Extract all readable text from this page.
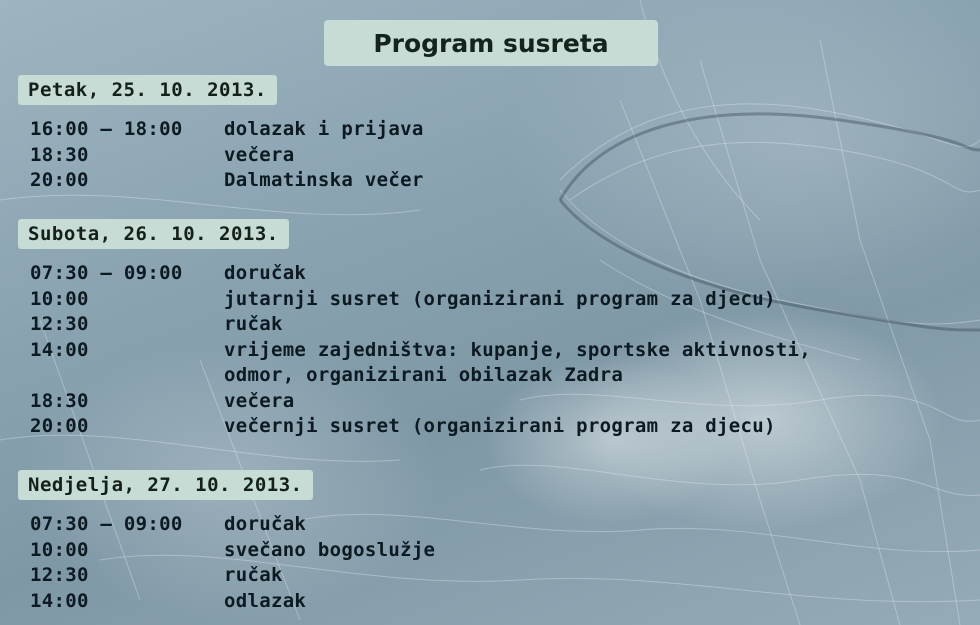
Program susreta
Petak, 25. 10. 2013.
16:00 – 18:00	dolazak i prijava
18:30	večera
20:00	Dalmatinska večer
Subota, 26. 10. 2013.
07:30 – 09:00	doručak
10:00	jutarnji susret (organizirani program za djecu)
12:30	ručak
14:00	vrijeme zajedništva: kupanje, sportske aktivnosti,
odmor, organizirani obilazak Zadra
18:30	večera
20:00	večernji susret (organizirani program za djecu)
Nedjelja, 27. 10. 2013.
07:30 – 09:00	doručak
10:00	svečano bogoslužje
12:30	ručak
14:00	odlazak
